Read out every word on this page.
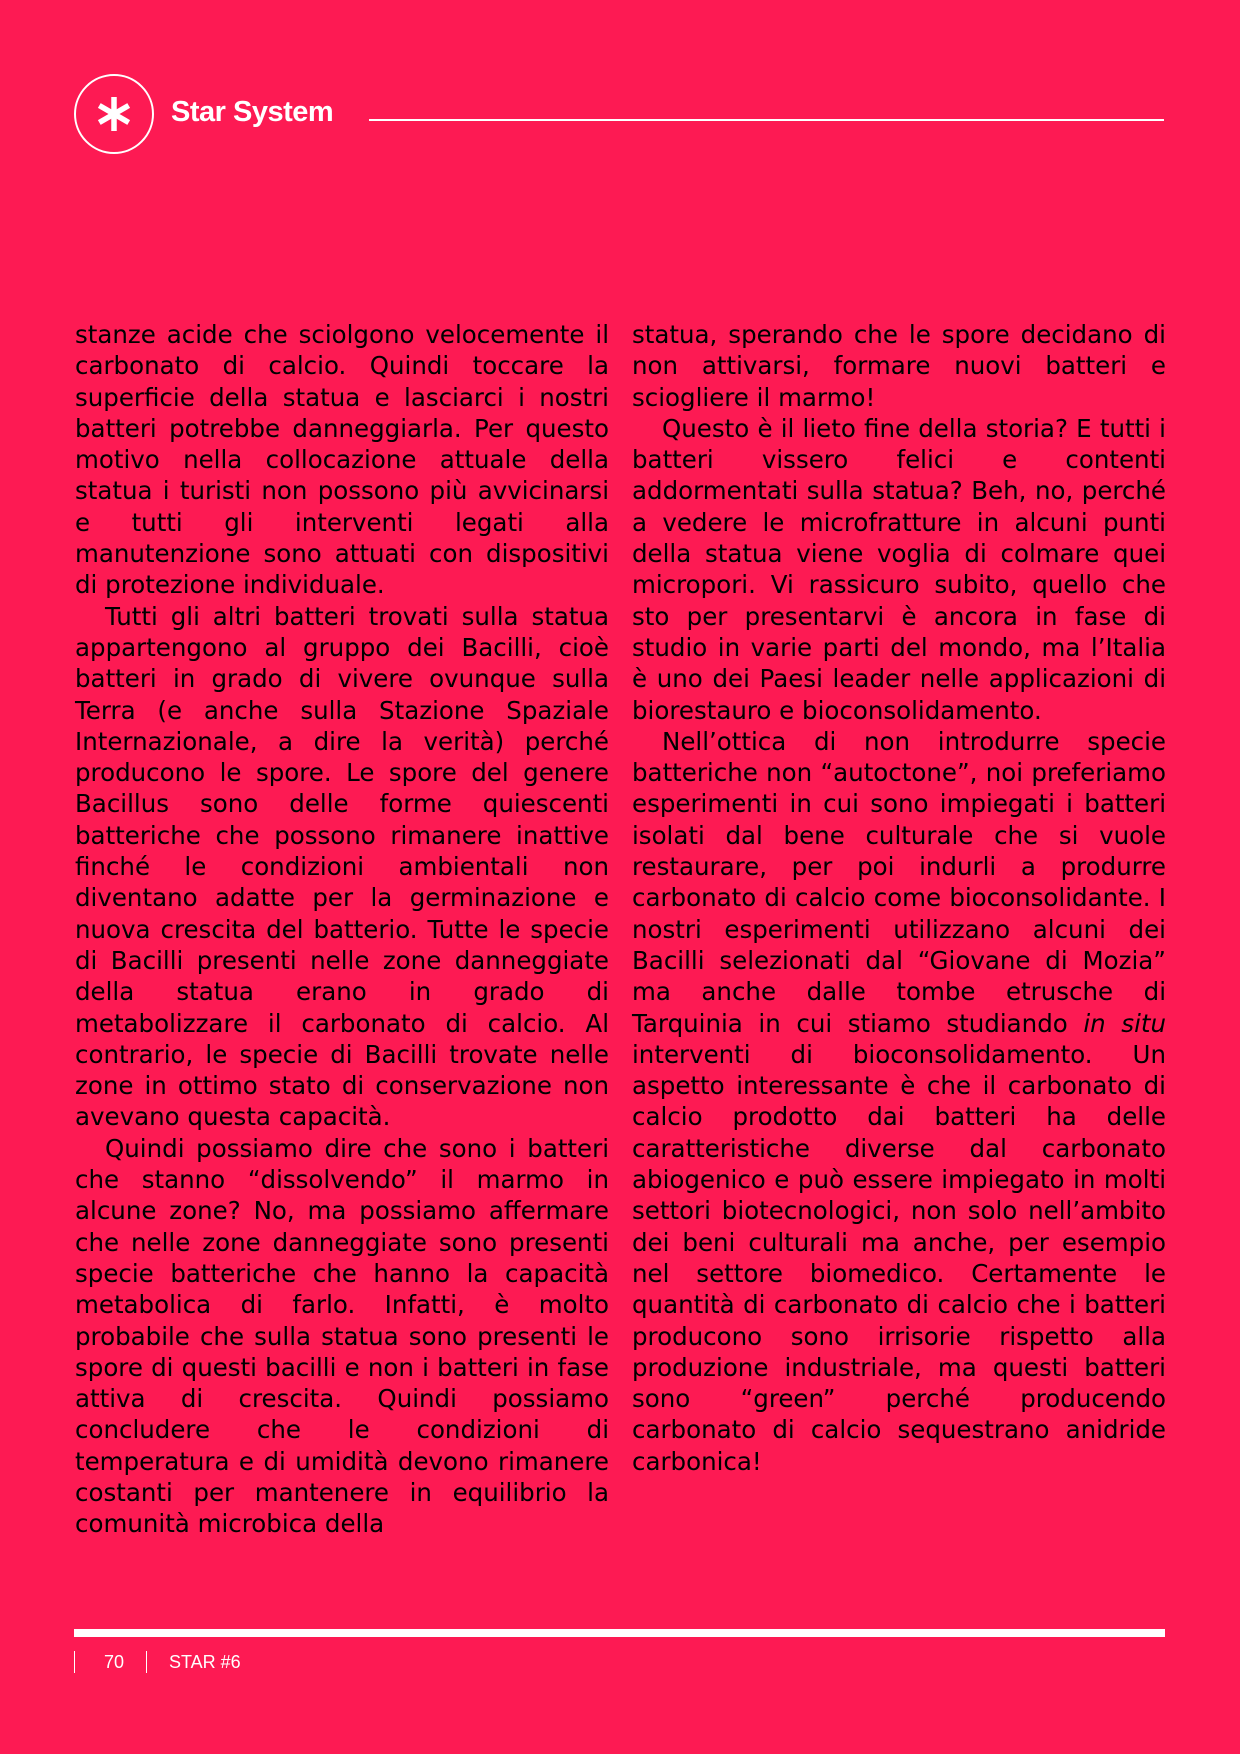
Star System

stanze acide che sciolgono velocemente il carbonato di calcio. Quindi toccare la superficie della statua e lasciarci i nostri batteri potrebbe danneggiarla. Per questo motivo nella collocazione attuale della statua i turisti non possono più avvicinarsi e tutti gli interventi legati alla manutenzione sono attuati con dispositivi di protezione individuale.

Tutti gli altri batteri trovati sulla statua appartengono al gruppo dei Bacilli, cioè batteri in grado di vivere ovunque sulla Terra (e anche sulla Stazione Spaziale Internazionale, a dire la verità) perché producono le spore. Le spore del genere Bacillus sono delle forme quiescenti batteriche che possono rimanere inattive finché le condizioni ambientali non diventano adatte per la germinazione e nuova crescita del batterio. Tutte le specie di Bacilli presenti nelle zone danneggiate della statua erano in grado di metabolizzare il carbonato di calcio. Al contrario, le specie di Bacilli trovate nelle zone in ottimo stato di conservazione non avevano questa capacità.

Quindi possiamo dire che sono i batteri che stanno “dissolvendo” il marmo in alcune zone? No, ma possiamo affermare che nelle zone danneggiate sono presenti specie batteriche che hanno la capacità metabolica di farlo. Infatti, è molto probabile che sulla statua sono presenti le spore di questi bacilli e non i batteri in fase attiva di crescita. Quindi possiamo concludere che le condizioni di temperatura e di umidità devono rimanere costanti per mantenere in equilibrio la comunità microbica della

statua, sperando che le spore decidano di non attivarsi, formare nuovi batteri e sciogliere il marmo!

Questo è il lieto fine della storia? E tutti i batteri vissero felici e contenti addormentati sulla statua? Beh, no, perché a vedere le microfratture in alcuni punti della statua viene voglia di colmare quei micropori. Vi rassicuro subito, quello che sto per presentarvi è ancora in fase di studio in varie parti del mondo, ma l’Italia è uno dei Paesi leader nelle applicazioni di biorestauro e bioconsolidamento.

Nell’ottica di non introdurre specie batteriche non “autoctone”, noi preferiamo esperimenti in cui sono impiegati i batteri isolati dal bene culturale che si vuole restaurare, per poi indurli a produrre carbonato di calcio come bioconsolidante. I nostri esperimenti utilizzano alcuni dei Bacilli selezionati dal “Giovane di Mozia” ma anche dalle tombe etrusche di Tarquinia in cui stiamo studiando in situ interventi di bioconsolidamento. Un aspetto interessante è che il carbonato di calcio prodotto dai batteri ha delle caratteristiche diverse dal carbonato abiogenico e può essere impiegato in molti settori biotecnologici, non solo nell’ambito dei beni culturali ma anche, per esempio nel settore biomedico. Certamente le quantità di carbonato di calcio che i batteri producono sono irrisorie rispetto alla produzione industriale, ma questi batteri sono “green” perché producendo carbonato di calcio sequestrano anidride carbonica!

70 STAR #6
